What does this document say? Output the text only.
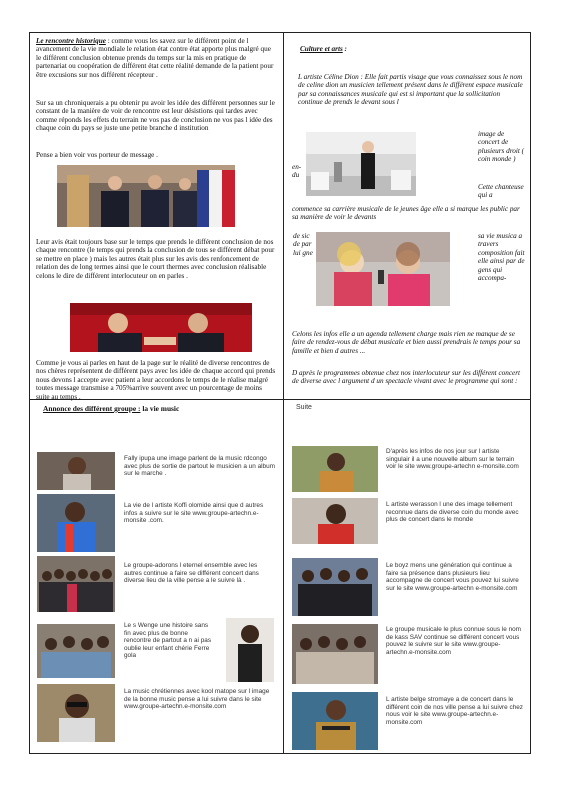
Le rencontre historique : comme vous les savez sur le différent point de l avancement de la vie mondiale le relation état contre état apporte plus malgré que le différent conclusion obtenue prends du temps sur la mis en pratique de partenariat ou coopération de différent état cette réalité demande de la patient pour être excusions sur nos différent récepteur .

Sur sa un chroniquerais a pu obtenir pu avoir les idée des différent personnes sur le constant de la manière de voir de rencontre est leur désistions qui tardes avec comme réponds les effets du terrain ne vos pas de conclusion ne vos pas l idée des chaque coin du pays se juste une petite branche d institution

Pense a bien voir vos porteur de message .

Leur avis était toujours base sur le temps que prends le différent conclusion de nos chaque rencontre (le temps qui prends la conclusion de tous se différent débat pour se mettre en place ) mais les autres était plus sur les avis des renfoncement de relation des de long termes ainsi que le court thermes avec conclusion réalisable celons le dire de différent interlocuteur on en parles .

Comme je vous ai parles en haut de la page sur le réalité de diverse rencontres de nos chères représentent de différent pays avec les idée de chaque accord qui prends nous devons l accepte avec patient a leur accordons le temps de le réalise malgré toutes message transmise a 705%arrive souvent avec un pourcentage de moins suite au temps .

Culture et arts :

L artiste Céline Dion : Elle fait partis visage que vous connaissez sous le nom de celine dion un musicien tellement présent dans le différent espace musicale par sa connaissances musicale qui est si important que la sollicitation continue de prends le devant sous l

image de concert de plusieurs droit ( coin monde )

en-du

Cette chanteuse qui a

commence sa carrière musicale de le jeunes âge elle a si marque les public par sa manière de voir le devants

de sic de par lui gne

sa vie musica a travers composition fait elle ainsi par de gens qui accompa-

Celons les infos elle a un agenda tellement charge mais rien ne manque de se faire de rendez-vous de débat musicale et bien aussi prendrais le temps pour sa famille et bien d autres ...

D après le programmes obtenue chez nos interlocuteur sur les différent concert de diverse avec l argument d un spectacle vivant avec le programme qui sont :

Annonce des différent groupe : la vie music

Fally ipupa une image parlent de la music rdcongo avec plus de sortie de partout le musicien a un album sur le marche .

La vie de l artiste Koffi olomide ainsi que d autres infos a suivre sur le site www.groupe-artechn.e-monsite .com.

Le groupe-adorons l eternel ensemble avec les autres continue a faire se différent concert dans diverse lieu de la ville pense a le suivre là .

Le s Wenge une histoire sans fin avec plus de bonne rencontre de partout a n ai pas oublie leur enfant chérie Ferre gola

La music chrétiennes avec kool matope sur l image de la bonne music pense a lui suivre dans le site www.groupe-artechn.e-monsite.com

Suite

D'après les infos de nos jour sur l artiste singulair il a une nouvelle album sur le terrain voir le site www.groupe-artechn e-monsite.com

L artiste werasson l une des image tellement reconnue dans de diverse coin du monde avec plus de concert dans le monde

Le boyz mens une génération qui continue a faire sa présence dans plusieurs lieu accompagne de concert vous pouvez lui suivre sur le site www.groupe-artechn e-monsite.com

Le groupe musicale le plus connue sous le nom de kass SAV continue se différent concert vous pouvez le suivre sur le site www.groupe-artechn.e-monsite.com

L artiste belge stromaye a de concert dans le différent coin de nos ville pense a lui suivre chez nous voir le site www.groupe-artechn.e-monsite.com
